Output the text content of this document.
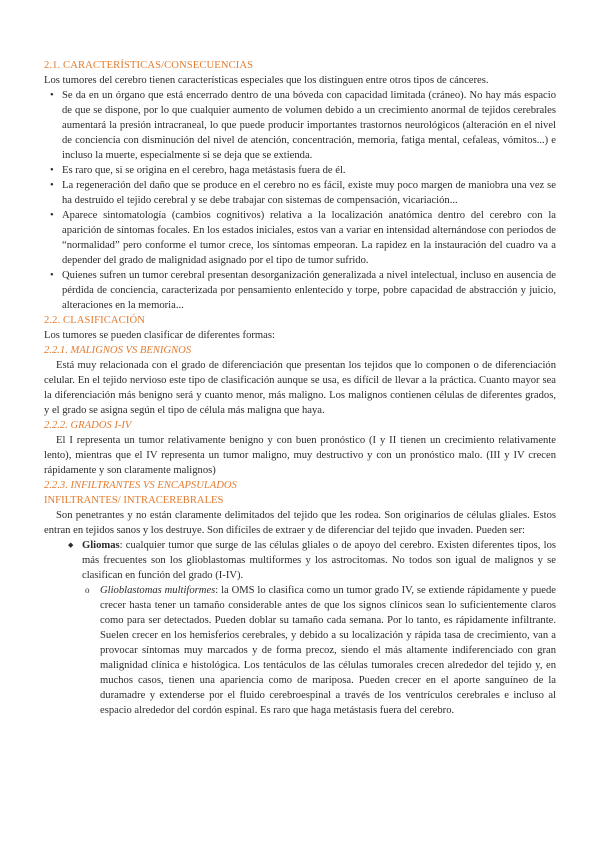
2.1. CARACTERÍSTICAS/CONSECUENCIAS

Los tumores del cerebro tienen características especiales que los distinguen entre otros tipos de cánceres.

• Se da en un órgano que está encerrado dentro de una bóveda con capacidad limitada (cráneo). No hay más espacio de que se dispone, por lo que cualquier aumento de volumen debido a un crecimiento anormal de tejidos cerebrales aumentará la presión intracraneal, lo que puede producir importantes trastornos neurológicos (alteración en el nivel de conciencia con disminución del nivel de atención, concentración, memoria, fatiga mental, cefaleas, vómitos...) e incluso la muerte, especialmente si se deja que se extienda.
• Es raro que, si se origina en el cerebro, haga metástasis fuera de él.
• La regeneración del daño que se produce en el cerebro no es fácil, existe muy poco margen de maniobra una vez se ha destruido el tejido cerebral y se debe trabajar con sistemas de compensación, vicariación...
• Aparece sintomatología (cambios cognitivos) relativa a la localización anatómica dentro del cerebro con la aparición de síntomas focales. En los estados iniciales, estos van a variar en intensidad alternándose con periodos de “normalidad” pero conforme el tumor crece, los síntomas empeoran. La rapidez en la instauración del cuadro va a depender del grado de malignidad asignado por el tipo de tumor sufrido.
• Quienes sufren un tumor cerebral presentan desorganización generalizada a nivel intelectual, incluso en ausencia de pérdida de conciencia, caracterizada por pensamiento enlentecido y torpe, pobre capacidad de abstracción y juicio, alteraciones en la memoria...
2.2. CLASIFICACIÓN

Los tumores se pueden clasificar de diferentes formas:

2.2.1. MALIGNOS VS BENIGNOS

Está muy relacionada con el grado de diferenciación que presentan los tejidos que lo componen o de diferenciación celular. En el tejido nervioso este tipo de clasificación aunque se usa, es difícil de llevar a la práctica. Cuanto mayor sea la diferenciación más benigno será y cuanto menor, más maligno. Los malignos contienen células de diferentes grados, y el grado se asigna según el tipo de célula más maligna que haya.

2.2.2. GRADOS I-IV

El I representa un tumor relativamente benigno y con buen pronóstico (I y II tienen un crecimiento relativamente lento), mientras que el IV representa un tumor maligno, muy destructivo y con un pronóstico malo. (III y IV crecen rápidamente y son claramente malignos)

2.2.3. INFILTRANTES VS ENCAPSULADOS
INFILTRANTES/ INTRACEREBRALES

Son penetrantes y no están claramente delimitados del tejido que les rodea. Son originarios de células gliales. Estos entran en tejidos sanos y los destruye. Son difíciles de extraer y de diferenciar del tejido que invaden. Pueden ser:

◆ Gliomas: cualquier tumor que surge de las células gliales o de apoyo del cerebro. Existen diferentes tipos, los más frecuentes son los glioblastomas multiformes y los astrocitomas. No todos son igual de malignos y se clasifican en función del grado (I-IV).
o Glioblastomas multiformes: la OMS lo clasifica como un tumor grado IV, se extiende rápidamente y puede crecer hasta tener un tamaño considerable antes de que los signos clínicos sean lo suficientemente claros como para ser detectados. Pueden doblar su tamaño cada semana. Por lo tanto, es rápidamente infiltrante. Suelen crecer en los hemisferios cerebrales, y debido a su localización y rápida tasa de crecimiento, van a provocar síntomas muy marcados y de forma precoz, siendo el más altamente indiferenciado con gran malignidad clínica e histológica. Los tentáculos de las células tumorales crecen alrededor del tejido y, en muchos casos, tienen una apariencia como de mariposa. Pueden crecer en el aporte sanguíneo de la duramadre y extenderse por el fluido cerebroespinal a través de los ventrículos cerebrales e incluso al espacio alrededor del cordón espinal. Es raro que haga metástasis fuera del cerebro.
